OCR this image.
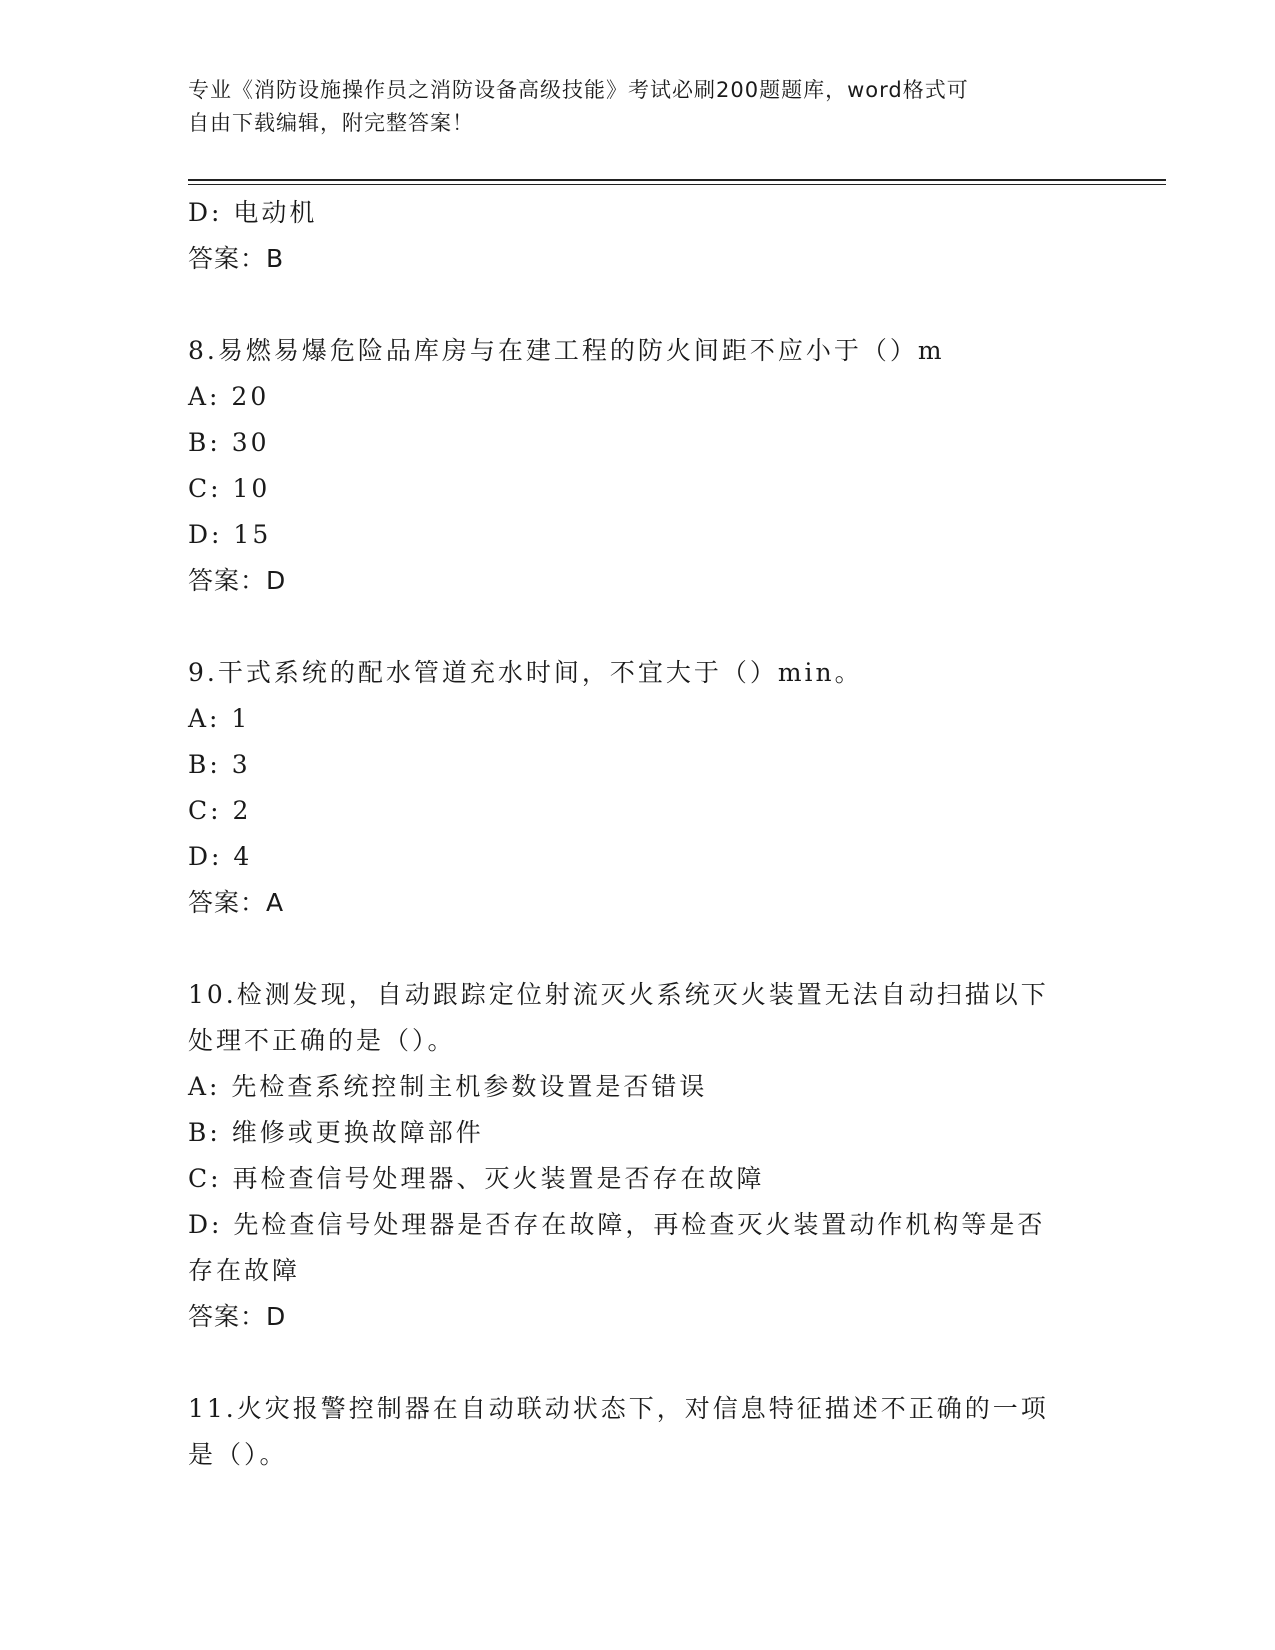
专业《消防设施操作员之消防设备高级技能》考试必刷200题题库，word格式可
自由下载编辑，附完整答案！
D: 电动机
答案：B
8.易燃易爆危险品库房与在建工程的防火间距不应小于（）m
A: 20
B: 30
C: 10
D: 15
答案：D
9.干式系统的配水管道充水时间，不宜大于（）min。
A: 1
B: 3
C: 2
D: 4
答案：A
10.检测发现，自动跟踪定位射流灭火系统灭火装置无法自动扫描以下
处理不正确的是（）。
A: 先检查系统控制主机参数设置是否错误
B: 维修或更换故障部件
C: 再检查信号处理器、灭火装置是否存在故障
D: 先检查信号处理器是否存在故障，再检查灭火装置动作机构等是否
存在故障
答案：D
11.火灾报警控制器在自动联动状态下，对信息特征描述不正确的一项
是（）。
